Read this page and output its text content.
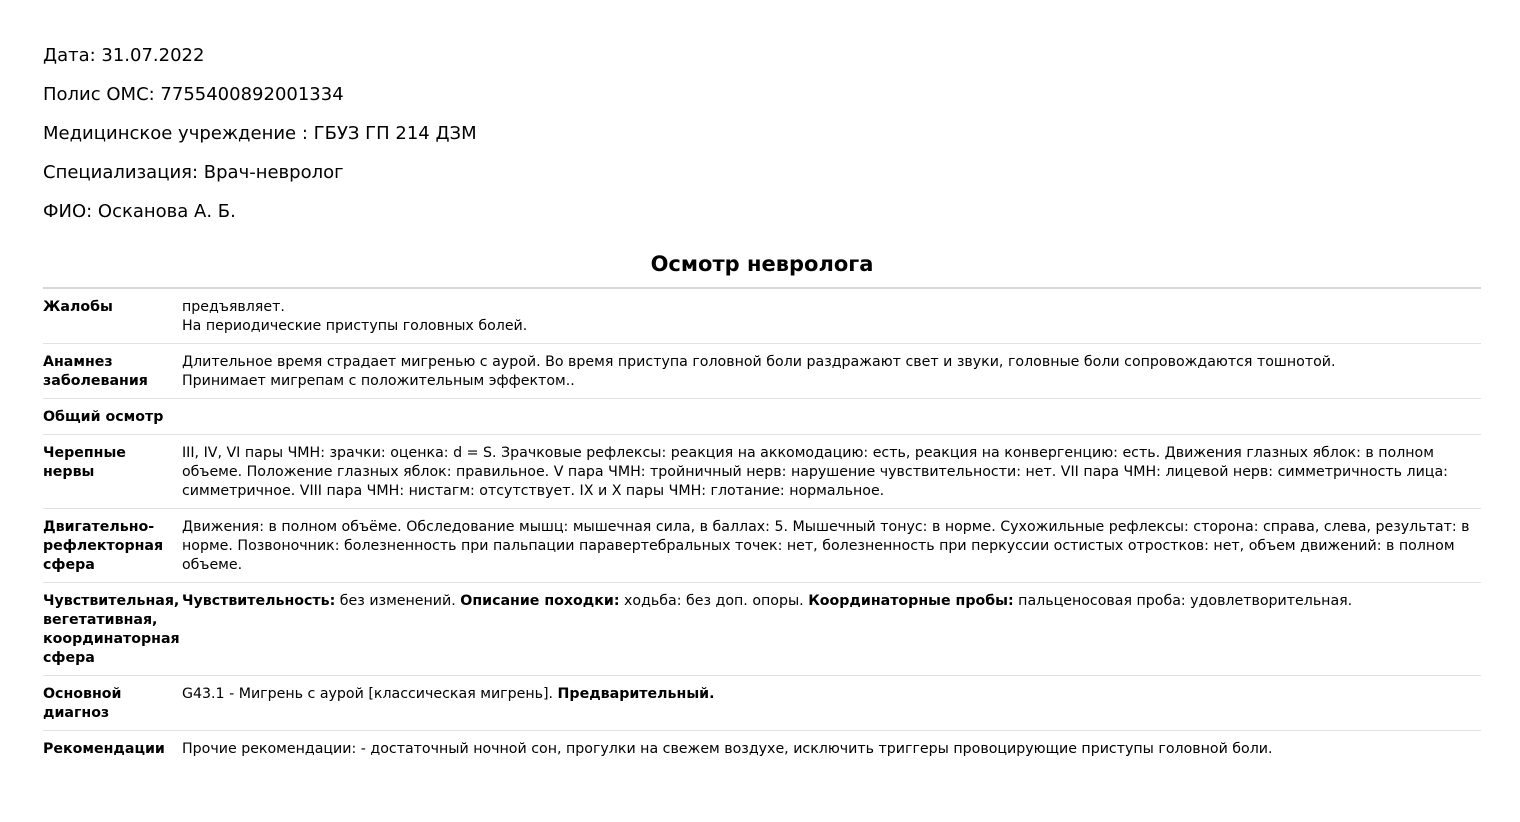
Дата: 31.07.2022
Полис ОМС: 7755400892001334
Медицинское учреждение : ГБУЗ ГП 214 ДЗМ
Специализация: Врач-невролог
ФИО: Осканова А. Б.
Осмотр невролога
Жалобы	предъявляет.
На периодические приступы головных болей.
Анамнез заболевания
Длительное время страдает мигренью с аурой. Во время приступа головной боли раздражают свет и звуки, головные боли сопровождаются тошнотой.
Принимает мигрепам с положительным эффектом..
Общий осмотр
Черепные нервы
III, IV, VI пары ЧМН: зрачки: оценка: d = S. Зрачковые рефлексы: реакция на аккомодацию: есть, реакция на конвергенцию: есть. Движения глазных яблок: в полном объеме. Положение глазных яблок: правильное. V пара ЧМН: тройничный нерв: нарушение чувствительности: нет. VII пара ЧМН: лицевой нерв: симметричность лица: симметричное. VIII пара ЧМН: нистагм: отсутствует. IX и X пары ЧМН: глотание: нормальное.
Двигательно-рефлекторная сфера
Движения: в полном объёме. Обследование мышц: мышечная сила, в баллах: 5. Мышечный тонус: в норме. Сухожильные рефлексы: сторона: справа, слева, результат: в норме. Позвоночник: болезненность при пальпации паравертебральных точек: нет, болезненность при перкуссии остистых отростков: нет, объем движений: в полном объеме.
Чувствительная, вегетативная, координаторная сфера
Чувствительность: без изменений. Описание походки: ходьба: без доп. опоры. Координаторные пробы: пальценосовая проба: удовлетворительная.
Основной диагноз
G43.1 - Мигрень с аурой [классическая мигрень]. Предварительный.
Рекомендации	Прочие рекомендации: - достаточный ночной сон, прогулки на свежем воздухе, исключить триггеры провоцирующие приступы головной боли.
